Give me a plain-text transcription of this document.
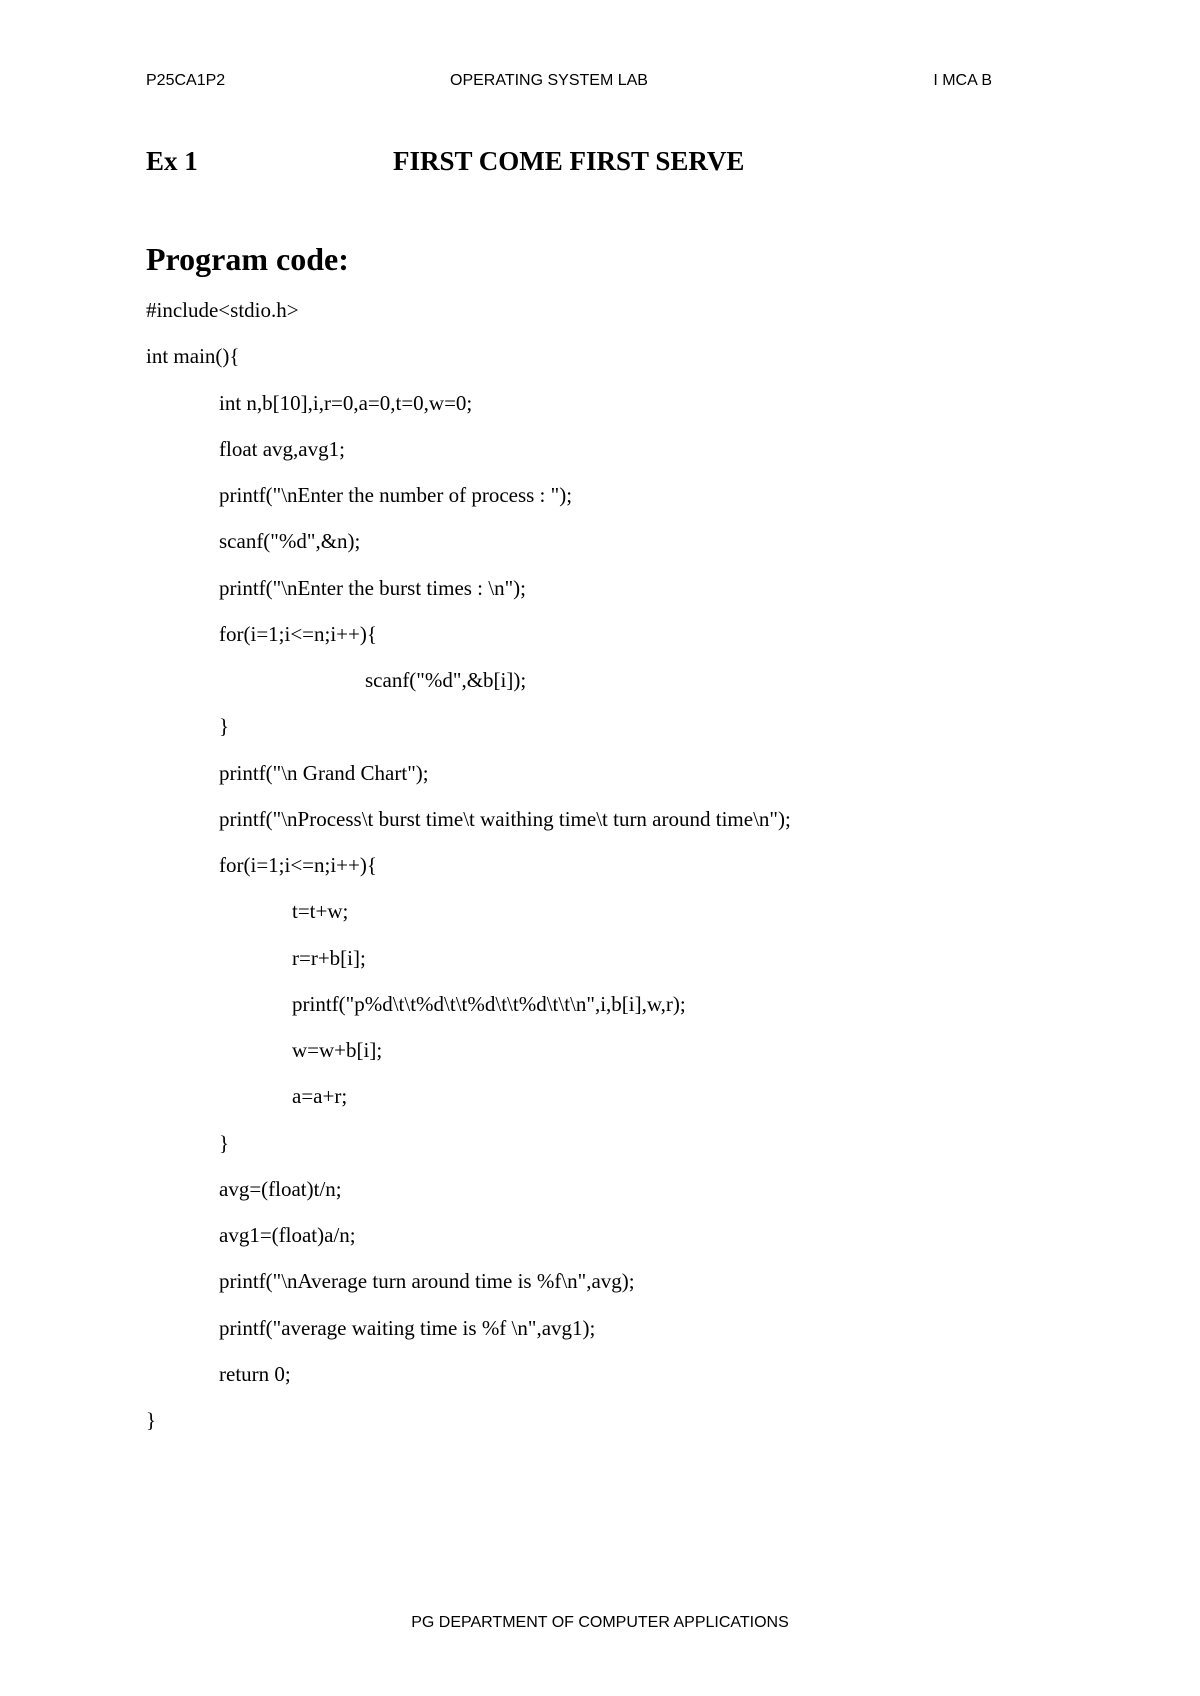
P25CA1P2	OPERATING SYSTEM LAB	I MCA B
Ex 1	FIRST COME FIRST SERVE
Program code:
#include<stdio.h>
int main(){
int n,b[10],i,r=0,a=0,t=0,w=0;
float avg,avg1;
printf("\nEnter the number of process : ");
scanf("%d",&n);
printf("\nEnter the burst times : \n");
for(i=1;i<=n;i++){
scanf("%d",&b[i]);
}
printf("\n Grand Chart");
printf("\nProcess\t burst time\t waithing time\t turn around time\n");
for(i=1;i<=n;i++){
t=t+w;
r=r+b[i];
printf("p%d\t\t%d\t\t%d\t\t%d\t\t\n",i,b[i],w,r);
w=w+b[i];
a=a+r;
}
avg=(float)t/n;
avg1=(float)a/n;
printf("\nAverage turn around time is %f\n",avg);
printf("average waiting time is %f \n",avg1);
return 0;
}
PG DEPARTMENT OF COMPUTER APPLICATIONS
